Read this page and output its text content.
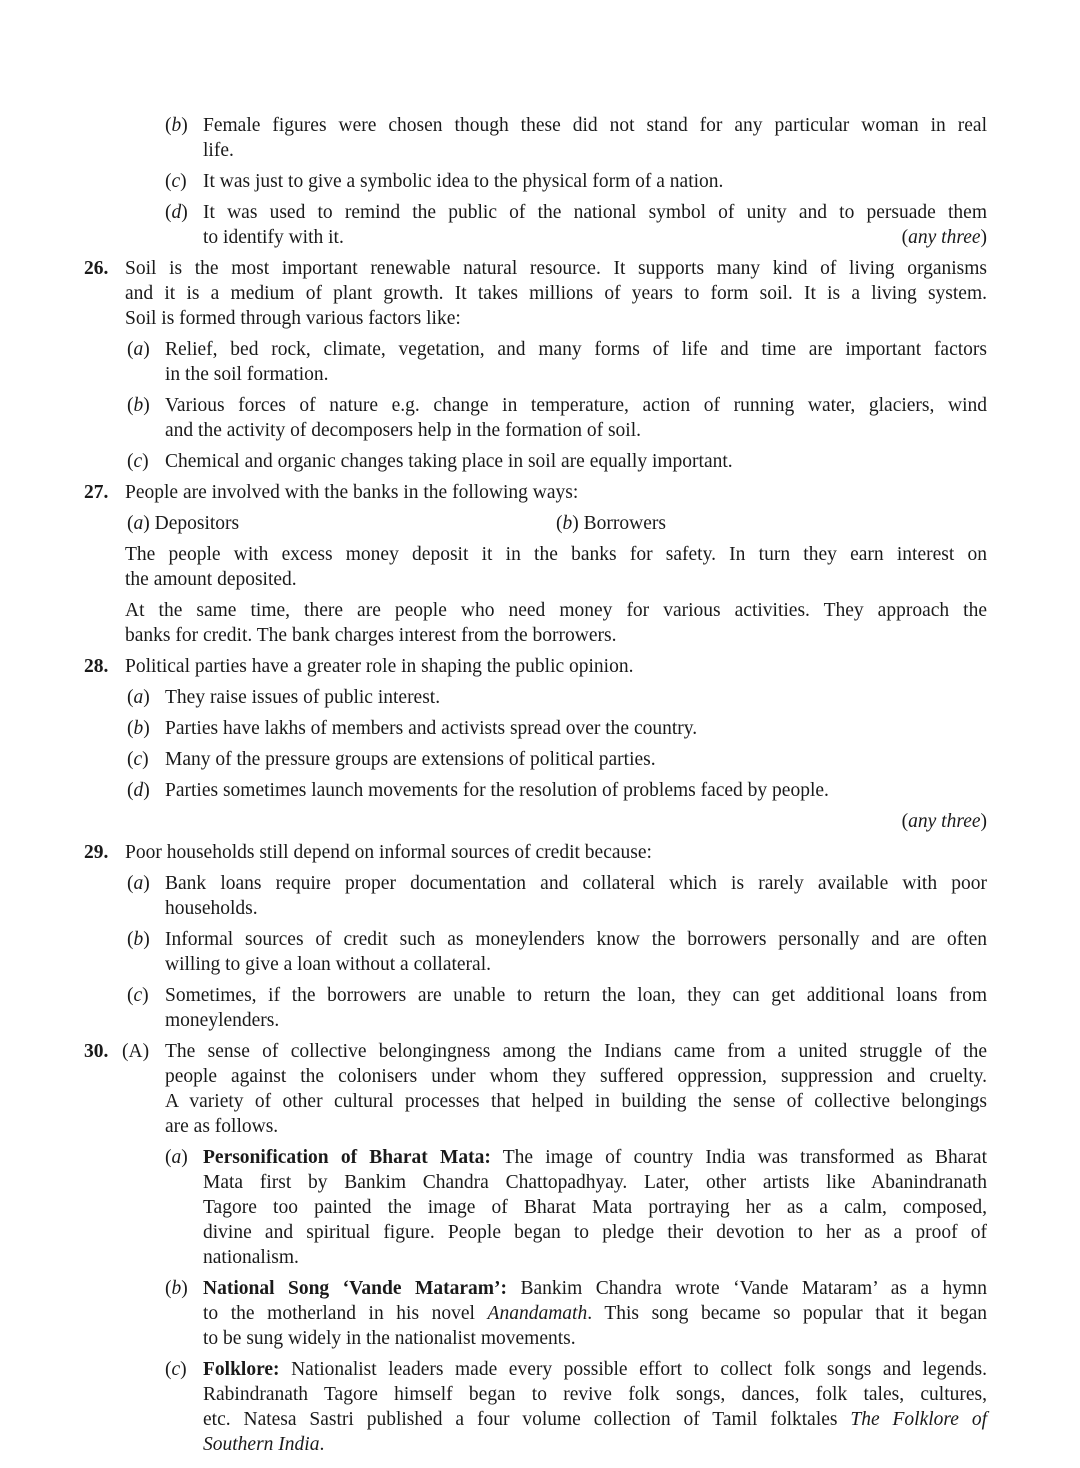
(b) Female figures were chosen though these did not stand for any particular woman in real
life.
(c) It was just to give a symbolic idea to the physical form of a nation.
(d) It was used to remind the public of the national symbol of unity and to persuade them
to identify with it.	(any three)
26. Soil is the most important renewable natural resource. It supports many kind of living organisms
and it is a medium of plant growth. It takes millions of years to form soil. It is a living system.
Soil is formed through various factors like:
(a) Relief, bed rock, climate, vegetation, and many forms of life and time are important factors
in the soil formation.
(b) Various forces of nature e.g. change in temperature, action of running water, glaciers, wind
and the activity of decomposers help in the formation of soil.
(c) Chemical and organic changes taking place in soil are equally important.
27. People are involved with the banks in the following ways:
(a) Depositors	(b) Borrowers
The people with excess money deposit it in the banks for safety. In turn they earn interest on
the amount deposited.
At the same time, there are people who need money for various activities. They approach the
banks for credit. The bank charges interest from the borrowers.
28. Political parties have a greater role in shaping the public opinion.
(a) They raise issues of public interest.
(b) Parties have lakhs of members and activists spread over the country.
(c) Many of the pressure groups are extensions of political parties.
(d) Parties sometimes launch movements for the resolution of problems faced by people.
(any three)
29. Poor households still depend on informal sources of credit because:
(a) Bank loans require proper documentation and collateral which is rarely available with poor
households.
(b) Informal sources of credit such as moneylenders know the borrowers personally and are often
willing to give a loan without a collateral.
(c) Sometimes, if the borrowers are unable to return the loan, they can get additional loans from
moneylenders.
30. (A) The sense of collective belongingness among the Indians came from a united struggle of the
people against the colonisers under whom they suffered oppression, suppression and cruelty.
A variety of other cultural processes that helped in building the sense of collective belongings
are as follows.
(a) Personification of Bharat Mata: The image of country India was transformed as Bharat
Mata first by Bankim Chandra Chattopadhyay. Later, other artists like Abanindranath
Tagore too painted the image of Bharat Mata portraying her as a calm, composed,
divine and spiritual figure. People began to pledge their devotion to her as a proof of
nationalism.
(b) National Song ‘Vande Mataram’: Bankim Chandra wrote ‘Vande Mataram’ as a hymn
to the motherland in his novel Anandamath. This song became so popular that it began
to be sung widely in the nationalist movements.
(c) Folklore: Nationalist leaders made every possible effort to collect folk songs and legends.
Rabindranath Tagore himself began to revive folk songs, dances, folk tales, cultures,
etc. Natesa Sastri published a four volume collection of Tamil folktales The Folklore of
Southern India.
